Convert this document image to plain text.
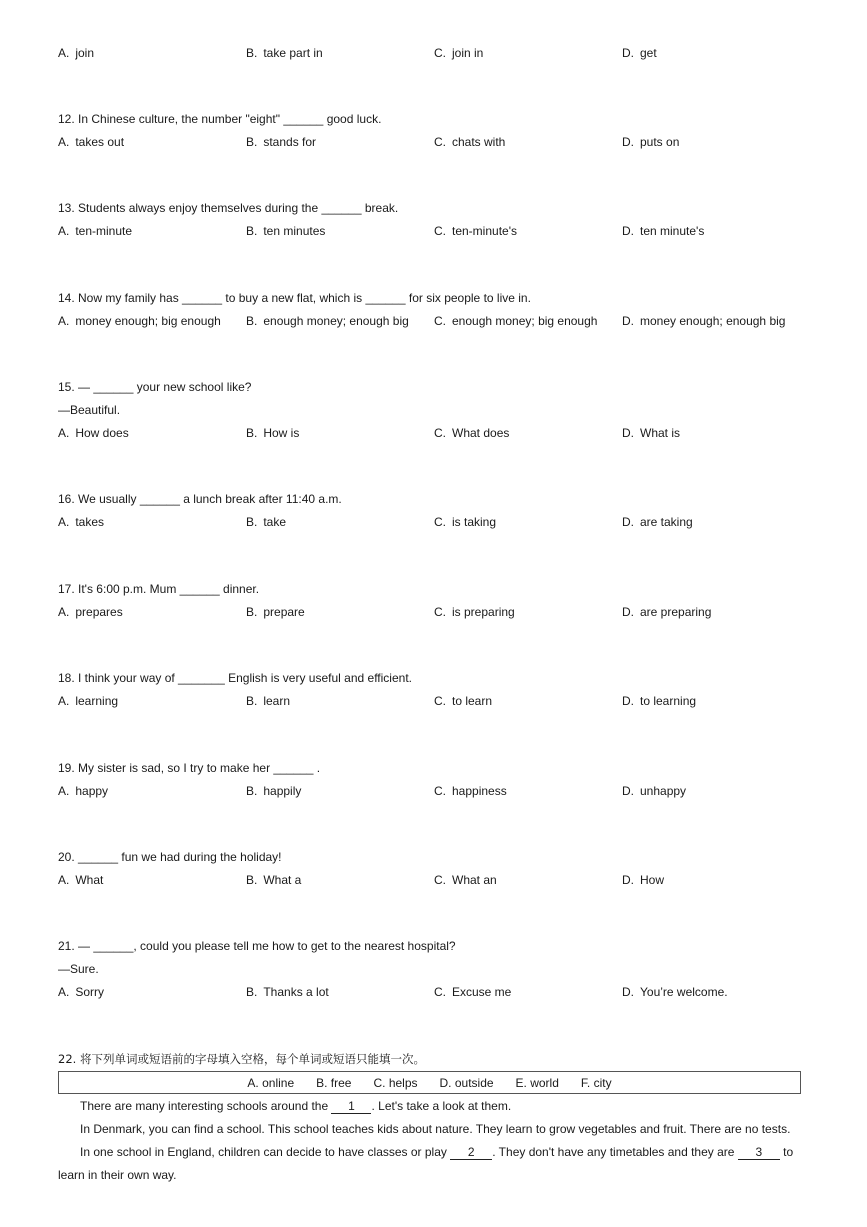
A. join	B. take part in	C. join in	D. get
12. In Chinese culture, the number "eight" ______ good luck.
A. takes out	B. stands for	C. chats with	D. puts on
13. Students always enjoy themselves during the ______ break.
A. ten-minute	B. ten minutes	C. ten-minute's	D. ten minute's
14. Now my family has ______ to buy a new flat, which is ______ for six people to live in.
A. money enough; big enough B. enough money; enough big C. enough money; big enough D. money enough; enough big
15. — ______ your new school like?
—Beautiful.
A. How does	B. How is	C. What does	D. What is
16. We usually ______ a lunch break after 11:40 a.m.
A. takes	B. take	C. is taking	D. are taking
17. It's 6:00 p.m. Mum ______ dinner.
A. prepares	B. prepare	C. is preparing	D. are preparing
18. I think your way of _______ English is very useful and efficient.
A. learning	B. learn	C. to learn	D. to learning
19. My sister is sad, so I try to make her ______ .
A. happy	B. happily	C. happiness	D. unhappy
20. ______ fun we had during the holiday!
A. What	B. What a	C. What an	D. How
21. — ______, could you please tell me how to get to the nearest hospital?
—Sure.
A. Sorry	B. Thanks a lot	C. Excuse me	D. You’re welcome.
22. 将下列单词或短语前的字母填入空格，每个单词或短语只能填一次。
A. online B. free C. helps D. outside E. world F. city
There are many interesting schools around the 1 . Let's take a look at them.
In Denmark, you can find a school. This school teaches kids about nature. They learn to grow vegetables and fruit. There are no tests.
In one school in England, children can decide to have classes or play 2 . They don't have any timetables and they are 3 to learn in their own way.
